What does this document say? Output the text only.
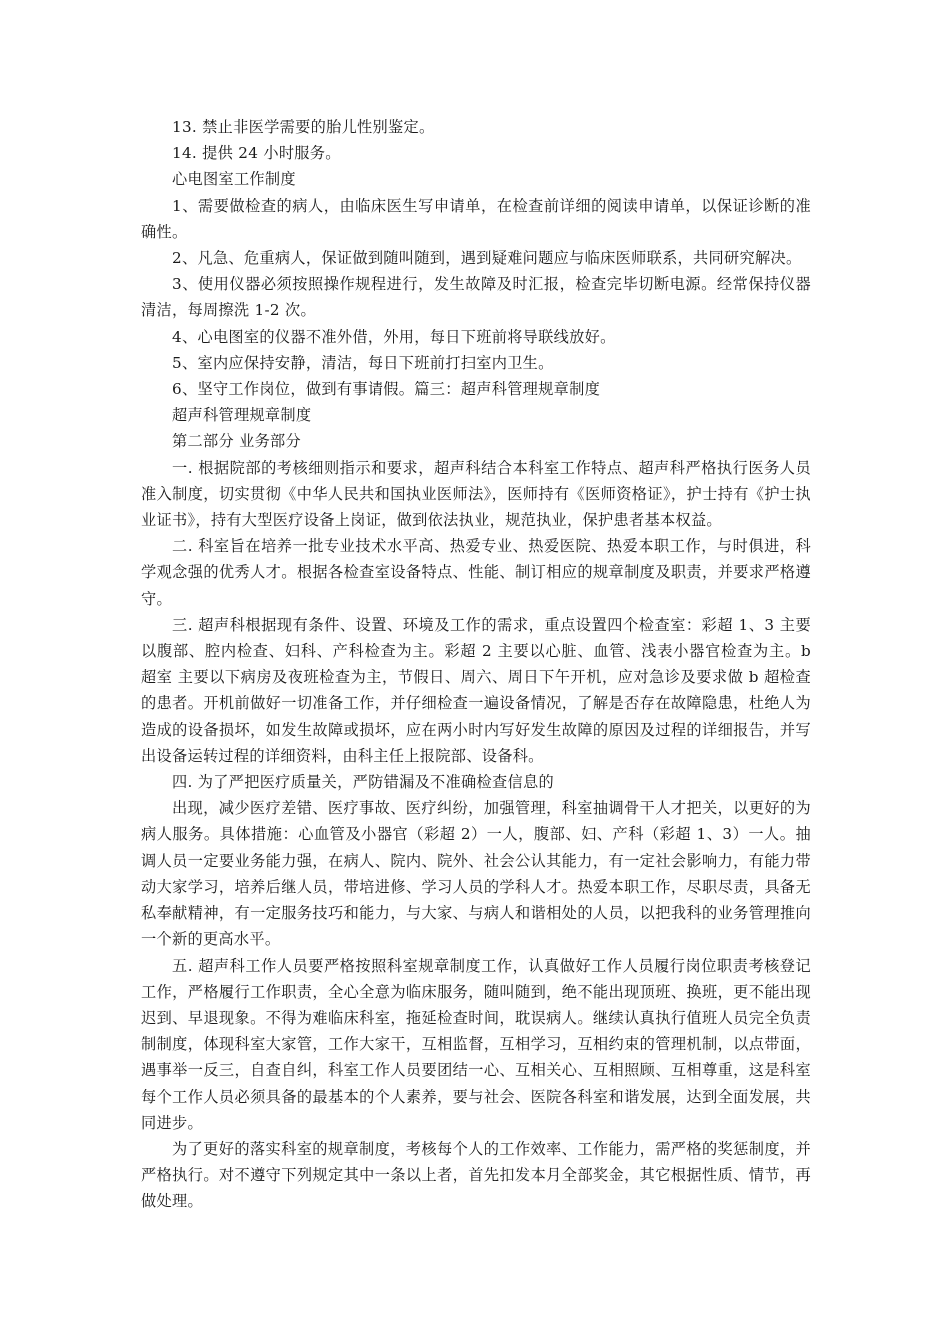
13. 禁止非医学需要的胎儿性别鉴定。

14. 提供 24 小时服务。

心电图室工作制度

1、需要做检查的病人，由临床医生写申请单，在检查前详细的阅读申请单，以保证诊断的准确性。

2、凡急、危重病人，保证做到随叫随到，遇到疑难问题应与临床医师联系，共同研究解决。

3、使用仪器必须按照操作规程进行，发生故障及时汇报，检查完毕切断电源。经常保持仪器清洁，每周擦洗 1-2 次。

4、心电图室的仪器不准外借，外用，每日下班前将导联线放好。

5、室内应保持安静，清洁，每日下班前打扫室内卫生。

6、坚守工作岗位，做到有事请假。篇三：超声科管理规章制度

超声科管理规章制度

第二部分 业务部分

一. 根据院部的考核细则指示和要求，超声科结合本科室工作特点、超声科严格执行医务人员准入制度，切实贯彻《中华人民共和国执业医师法》，医师持有《医师资格证》，护士持有《护士执业证书》，持有大型医疗设备上岗证，做到依法执业，规范执业，保护患者基本权益。

二. 科室旨在培养一批专业技术水平高、热爱专业、热爱医院、热爱本职工作，与时俱进，科学观念强的优秀人才。根据各检查室设备特点、性能、制订相应的规章制度及职责，并要求严格遵守。

三. 超声科根据现有条件、设置、环境及工作的需求，重点设置四个检查室：彩超 1、3 主要以腹部、腔内检查、妇科、产科检查为主。彩超 2 主要以心脏、血管、浅表小器官检查为主。b 超室 主要以下病房及夜班检查为主，节假日、周六、周日下午开机，应对急诊及要求做 b 超检查的患者。开机前做好一切准备工作，并仔细检查一遍设备情况，了解是否存在故障隐患，杜绝人为造成的设备损坏，如发生故障或损坏，应在两小时内写好发生故障的原因及过程的详细报告，并写出设备运转过程的详细资料，由科主任上报院部、设备科。

四. 为了严把医疗质量关，严防错漏及不准确检查信息的

出现，减少医疗差错、医疗事故、医疗纠纷，加强管理，科室抽调骨干人才把关，以更好的为病人服务。具体措施：心血管及小器官（彩超 2）一人，腹部、妇、产科（彩超 1、3）一人。抽调人员一定要业务能力强，在病人、院内、院外、社会公认其能力，有一定社会影响力，有能力带动大家学习，培养后继人员，带培进修、学习人员的学科人才。热爱本职工作，尽职尽责，具备无私奉献精神，有一定服务技巧和能力，与大家、与病人和谐相处的人员，以把我科的业务管理推向一个新的更高水平。

五. 超声科工作人员要严格按照科室规章制度工作，认真做好工作人员履行岗位职责考核登记工作，严格履行工作职责，全心全意为临床服务，随叫随到，绝不能出现顶班、换班，更不能出现迟到、早退现象。不得为难临床科室，拖延检查时间，耽误病人。继续认真执行值班人员完全负责制制度，体现科室大家管，工作大家干，互相监督，互相学习，互相约束的管理机制，以点带面，遇事举一反三，自查自纠，科室工作人员要团结一心、互相关心、互相照顾、互相尊重，这是科室每个工作人员必须具备的最基本的个人素养，要与社会、医院各科室和谐发展，达到全面发展，共同进步。

为了更好的落实科室的规章制度，考核每个人的工作效率、工作能力，需严格的奖惩制度，并严格执行。对不遵守下列规定其中一条以上者，首先扣发本月全部奖金，其它根据性质、情节，再做处理。
